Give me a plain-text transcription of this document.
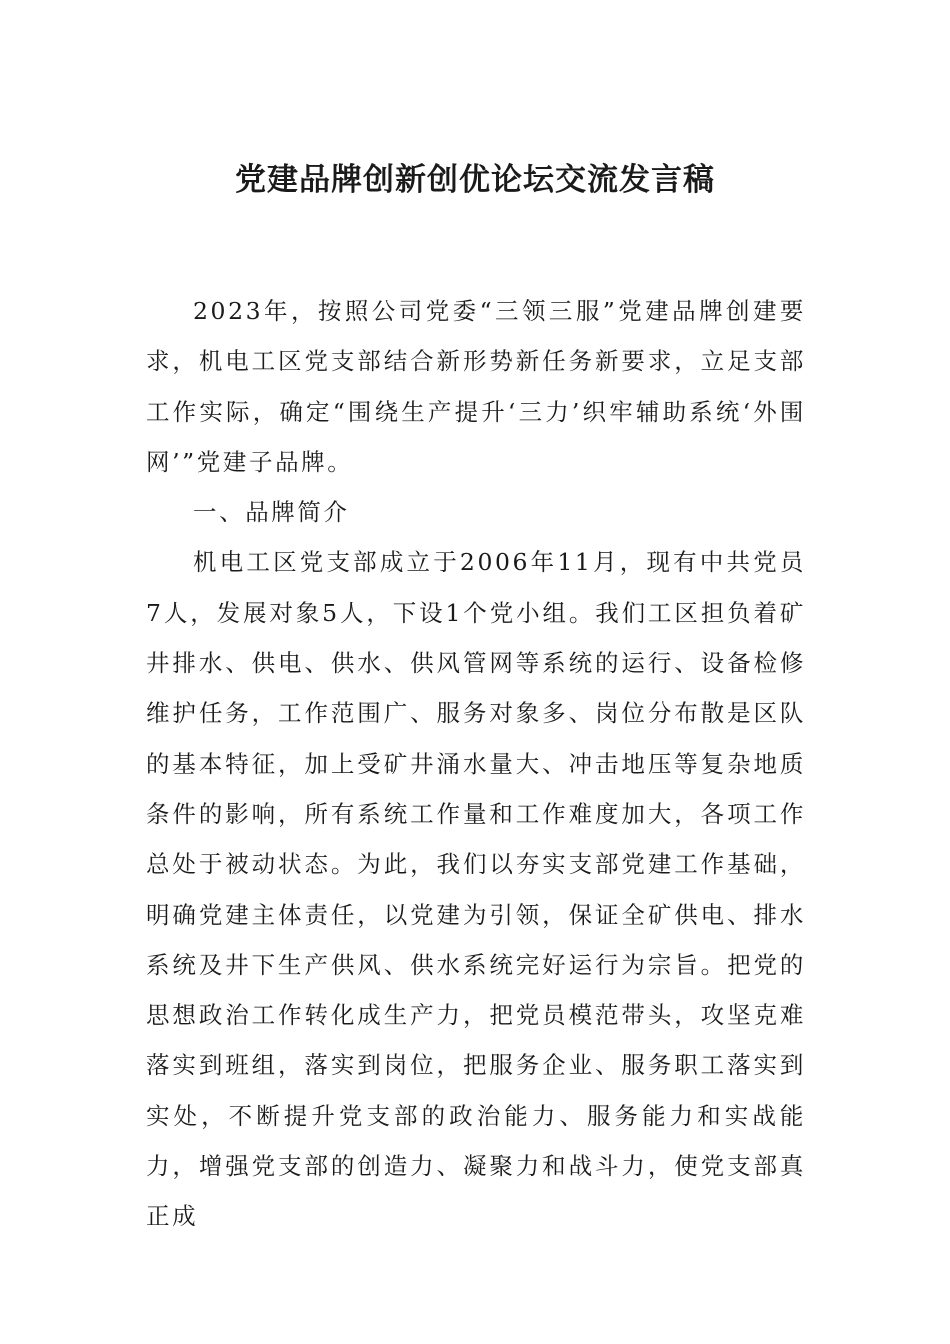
党建品牌创新创优论坛交流发言稿

2023年，按照公司党委“三领三服”党建品牌创建要求，机电工区党支部结合新形势新任务新要求，立足支部工作实际，确定“围绕生产提升‘三力’织牢辅助系统‘外围网’”党建子品牌。

一、品牌简介

机电工区党支部成立于2006年11月，现有中共党员7人，发展对象5人，下设1个党小组。我们工区担负着矿井排水、供电、供水、供风管网等系统的运行、设备检修维护任务，工作范围广、服务对象多、岗位分布散是区队的基本特征，加上受矿井涌水量大、冲击地压等复杂地质条件的影响，所有系统工作量和工作难度加大，各项工作总处于被动状态。为此，我们以夯实支部党建工作基础，明确党建主体责任，以党建为引领，保证全矿供电、排水系统及井下生产供风、供水系统完好运行为宗旨。把党的思想政治工作转化成生产力，把党员模范带头，攻坚克难落实到班组，落实到岗位，把服务企业、服务职工落实到实处，不断提升党支部的政治能力、服务能力和实战能力，增强党支部的创造力、凝聚力和战斗力，使党支部真正成
